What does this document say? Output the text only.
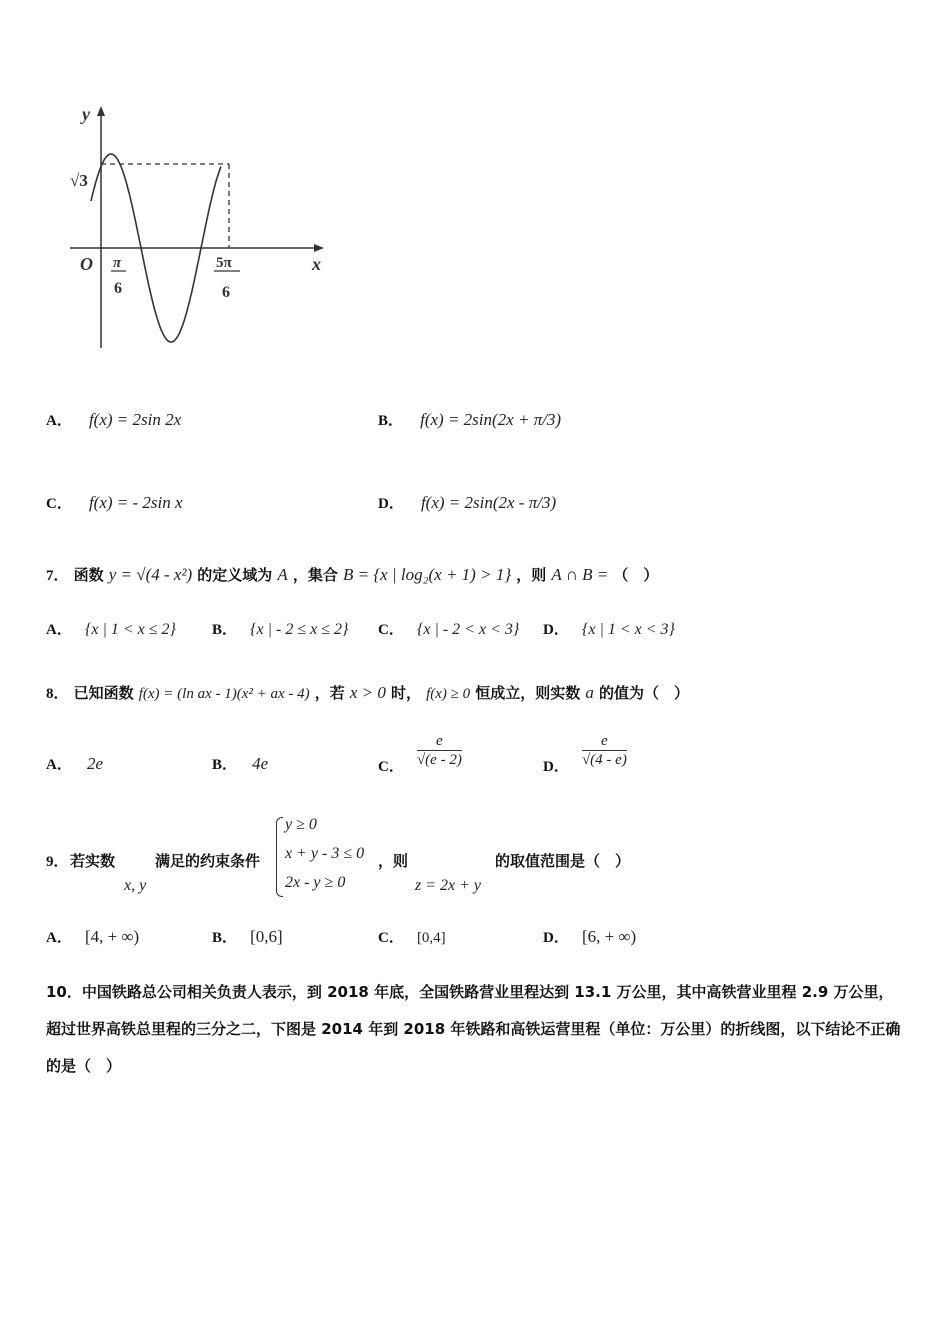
y
x
O
√3
π
6
5π
6
A． f(x) = 2sin 2x	B． f(x) = 2sin(2x + π/3)
C． f(x) = - 2sin x	D． f(x) = 2sin(2x - π/3)
7． 函数 y = √(4 - x²) 的定义域为 A ，集合 B = {x | log₂(x + 1) > 1} ，则 A ∩ B = （　）
A． {x | 1 < x ≤ 2} B． {x | - 2 ≤ x ≤ 2} C． {x | - 2 < x < 3} D． {x | 1 < x < 3}
8． 已知函数 f(x) = (ln ax - 1)(x² + ax - 4) ，若 x > 0 时， f(x) ≥ 0 恒成立，则实数 a 的值为（　）
A． 2e	B． 4e	C． $\frac{e}{√(e - 2)}$	D． $\frac{e}{√(4 - e)}$
9． 若实数
x, y
满足的约束条件
y ≥ 0
x + y - 3 ≤ 0
2x - y ≥ 0
，则
z = 2x + y
的取值范围是（　）
A． [4, + ∞)	B． [0,6]	C． [0,4]	D． [6, + ∞)
10．中国铁路总公司相关负责人表示，到 2018 年底，全国铁路营业里程达到 13.1 万公里，其中高铁营业里程 2.9 万公里，超过世界高铁总里程的三分之二，下图是 2014 年到 2018 年铁路和高铁运营里程（单位：万公里）的折线图，以下结论不正确的是（　）
